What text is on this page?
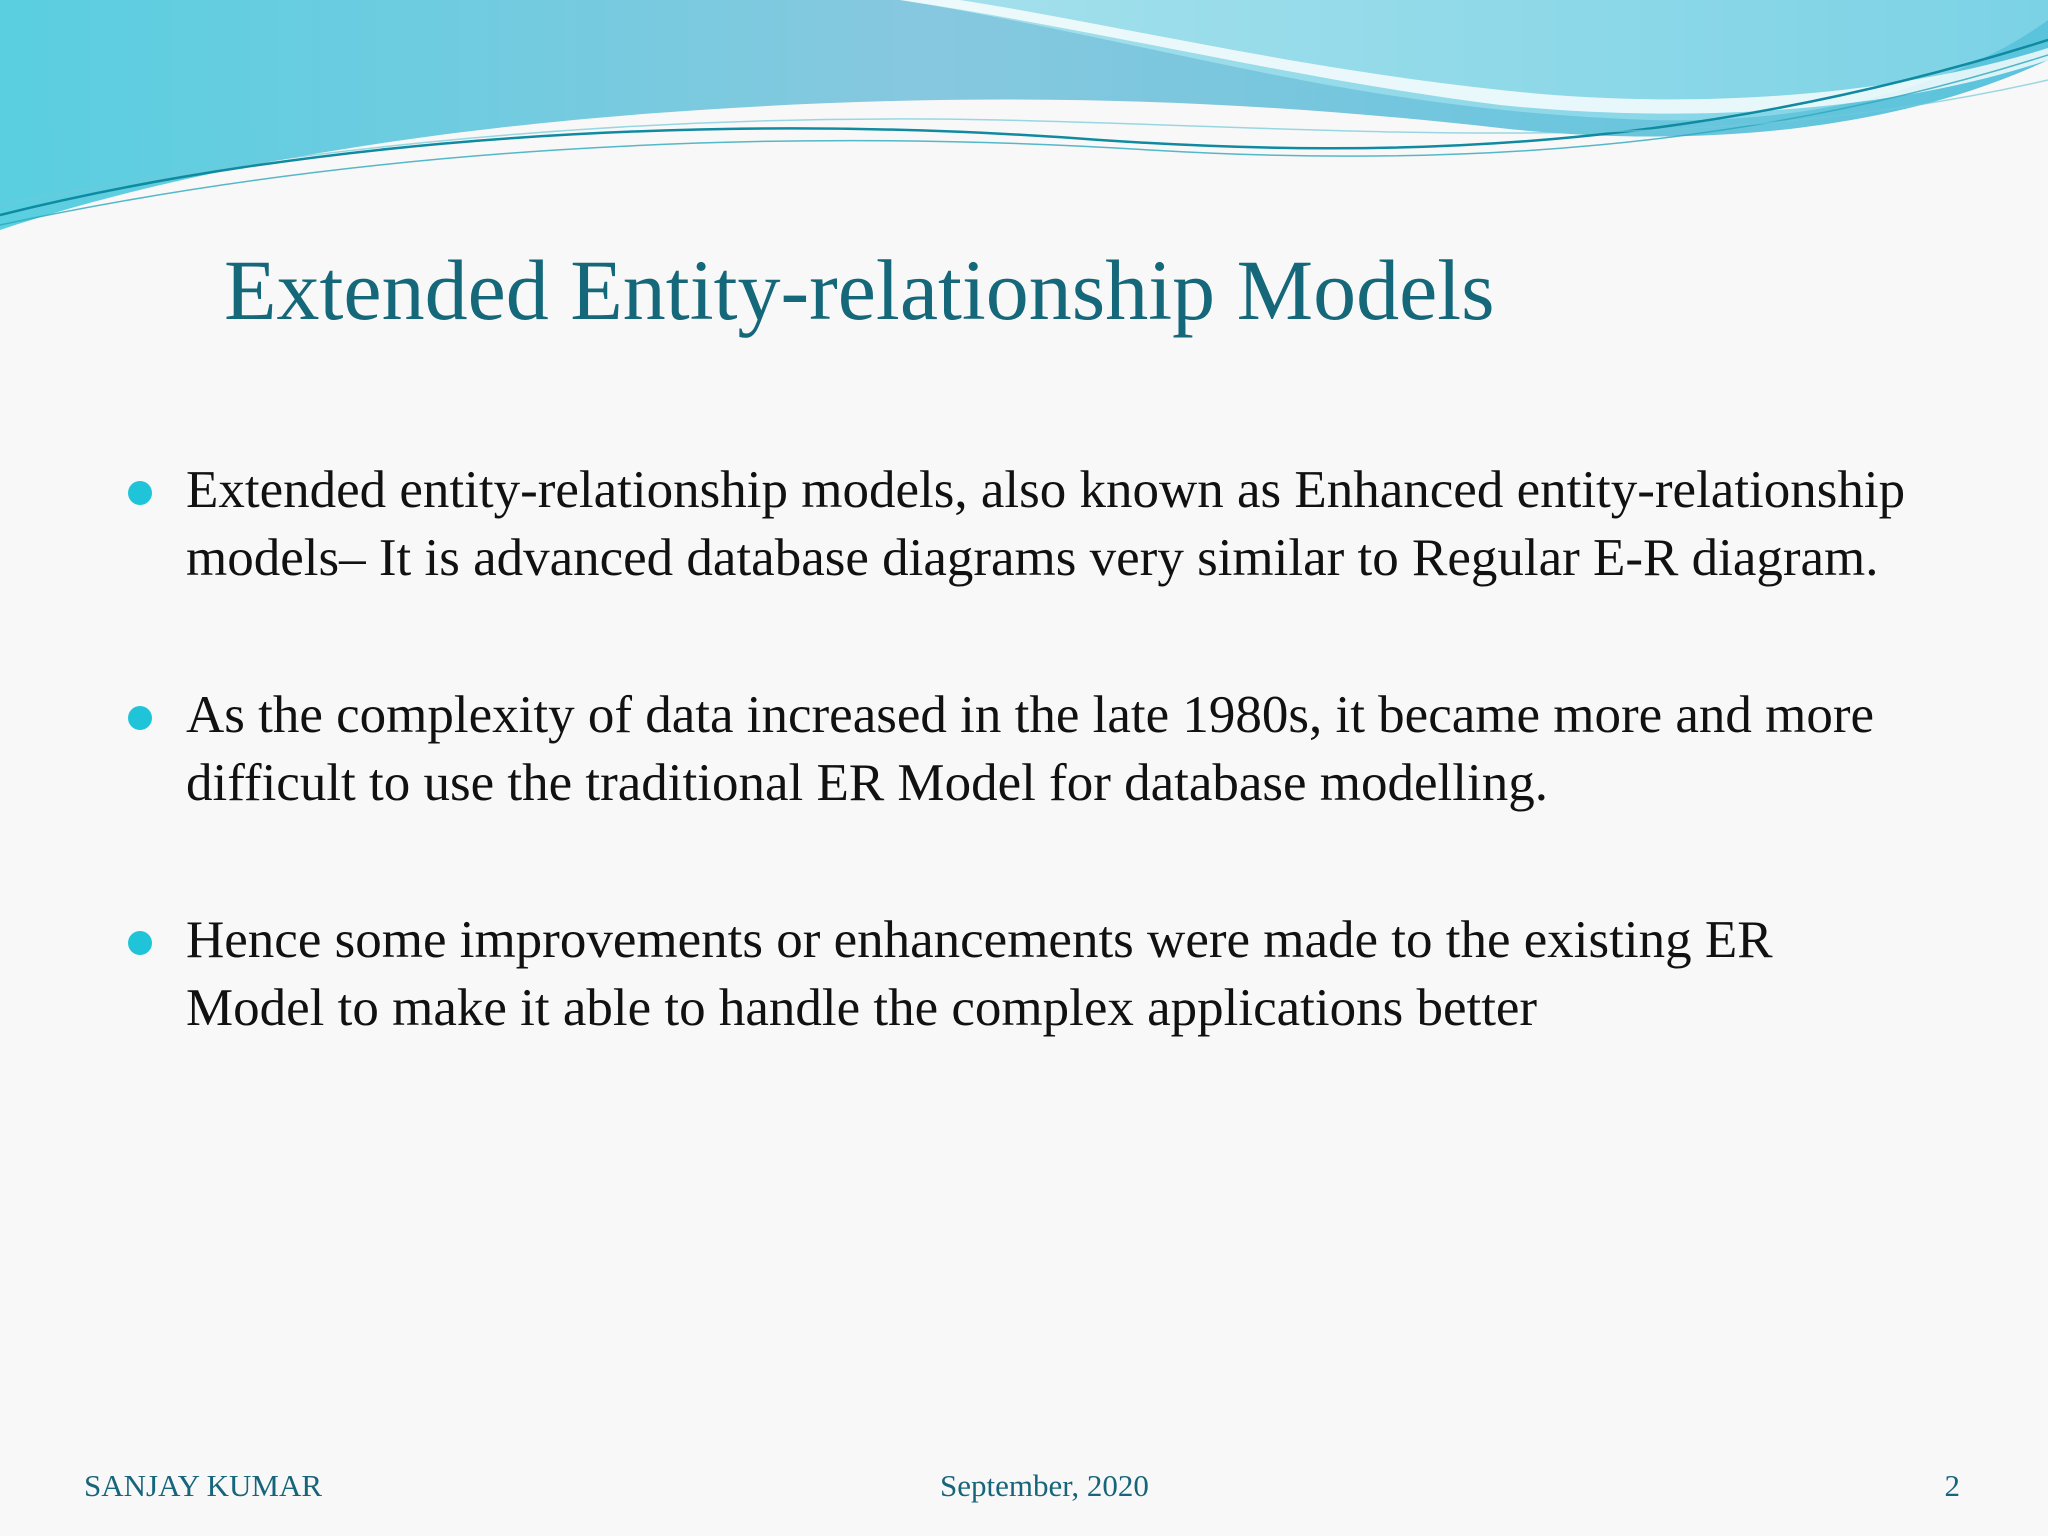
Extended Entity-relationship Models
Extended entity-relationship models, also known as Enhanced entity-relationship models– It is advanced database diagrams very similar to Regular E-R diagram.
As the complexity of data increased in the late 1980s, it became more and more difficult to use the traditional ER Model for database modelling.
Hence some improvements or enhancements were made to the existing ER Model to make it able to handle the complex applications better
SANJAY KUMAR	September, 2020	2
